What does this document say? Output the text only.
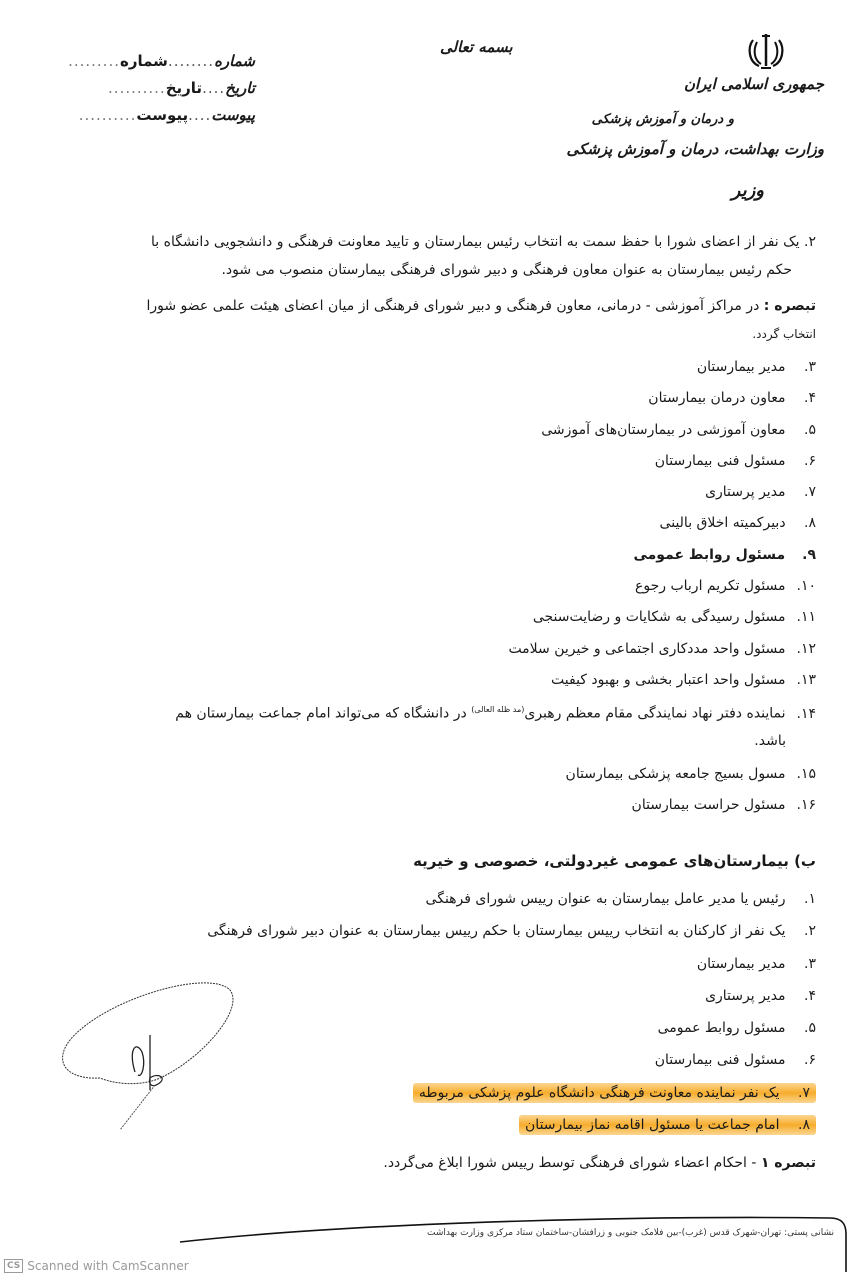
بسمه تعالی
شماره
........
شماره
.........
تاریخ
....
تاریخ
..........
پیوست
....
پیوست
..........
جمهوری اسلامی ایران
و درمان و آموزش پزشکی
وزارت بهداشت، درمان و آموزش پزشکی
وزیر
۲. یک نفر از اعضای شورا با حفظ سمت به انتخاب رئیس بیمارستان و تایید معاونت فرهنگی و دانشجویی دانشگاه با
حکم رئیس بیمارستان به عنوان معاون فرهنگی و دبیر شورای فرهنگی بیمارستان منصوب می شود.
تبصره : در مراکز آموزشی - درمانی، معاون فرهنگی و دبیر شورای فرهنگی از میان اعضای هیئت علمی عضو شورا
انتخاب گردد.
۳. مدیر بیمارستان
۴. معاون درمان بیمارستان
۵. معاون آموزشی در بیمارستان‌های آموزشی
۶. مسئول فنی بیمارستان
۷. مدیر پرستاری
۸. دبیرکمیته اخلاق بالینی
۹. مسئول روابط عمومی
۱۰. مسئول تکریم ارباب رجوع
۱۱. مسئول رسیدگی به شکایات و رضایت‌سنجی
۱۲. مسئول واحد مددکاری اجتماعی و خیرین سلامت
۱۳. مسئول واحد اعتبار بخشی و بهبود کیفیت
۱۴. نماینده دفتر نهاد نمایندگی مقام معظم رهبری$^{(مد ظله العالی)}$ در دانشگاه که می‌تواند امام جماعت بیمارستان هم
باشد.
۱۵. مسول بسیج جامعه پزشکی بیمارستان
۱۶. مسئول حراست بیمارستان
ب) بیمارستان‌های عمومی غیردولتی، خصوصی و خیریه
۱. رئیس یا مدیر عامل بیمارستان به عنوان رییس شورای فرهنگی
۲. یک نفر از کارکنان به انتخاب رییس بیمارستان با حکم رییس بیمارستان به عنوان دبیر شورای فرهنگی
۳. مدیر بیمارستان
۴. مدیر پرستاری
۵. مسئول روابط عمومی
۶. مسئول فنی بیمارستان
۷. یک نفر نماینده معاونت فرهنگی دانشگاه علوم پزشکی مربوطه
۸. امام جماعت یا مسئول اقامه نماز بیمارستان
تبصره ۱ - احکام اعضاء شورای فرهنگی توسط رییس شورا ابلاغ می‌گردد.
نشانی پستی: تهران-شهرک قدس (غرب)-بین فلامک جنوبی و زرافشان-ساختمان ستاد مرکزی وزارت بهداشت
CS Scanned with CamScanner
